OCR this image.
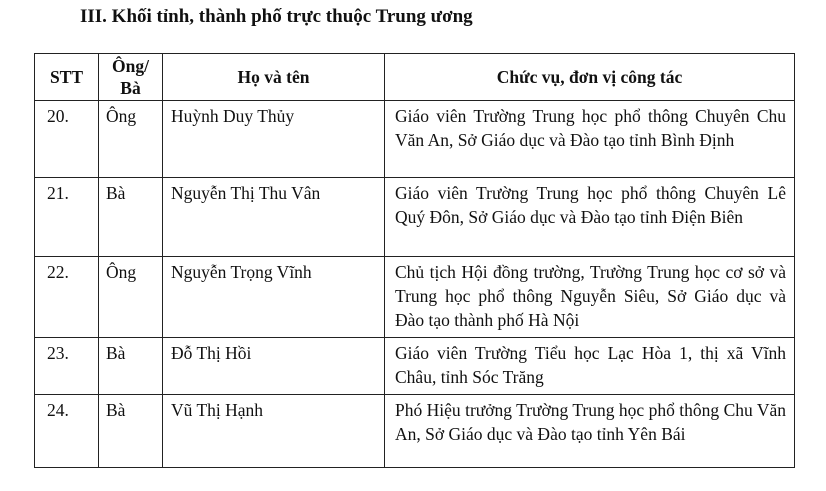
III. Khối tỉnh, thành phố trực thuộc Trung ương
STT	Ông/ Bà	Họ và tên	Chức vụ, đơn vị công tác
20.	Ông	Huỳnh Duy Thủy	Giáo viên Trường Trung học phổ thông Chuyên Chu Văn An, Sở Giáo dục và Đào tạo tỉnh Bình Định
21.	Bà	Nguyễn Thị Thu Vân	Giáo viên Trường Trung học phổ thông Chuyên Lê Quý Đôn, Sở Giáo dục và Đào tạo tỉnh Điện Biên
22.	Ông	Nguyễn Trọng Vĩnh	Chủ tịch Hội đồng trường, Trường Trung học cơ sở và Trung học phổ thông Nguyễn Siêu, Sở Giáo dục và Đào tạo thành phố Hà Nội
23.	Bà	Đỗ Thị Hồi	Giáo viên Trường Tiểu học Lạc Hòa 1, thị xã Vĩnh Châu, tỉnh Sóc Trăng
24.	Bà	Vũ Thị Hạnh	Phó Hiệu trưởng Trường Trung học phổ thông Chu Văn An, Sở Giáo dục và Đào tạo tỉnh Yên Bái
